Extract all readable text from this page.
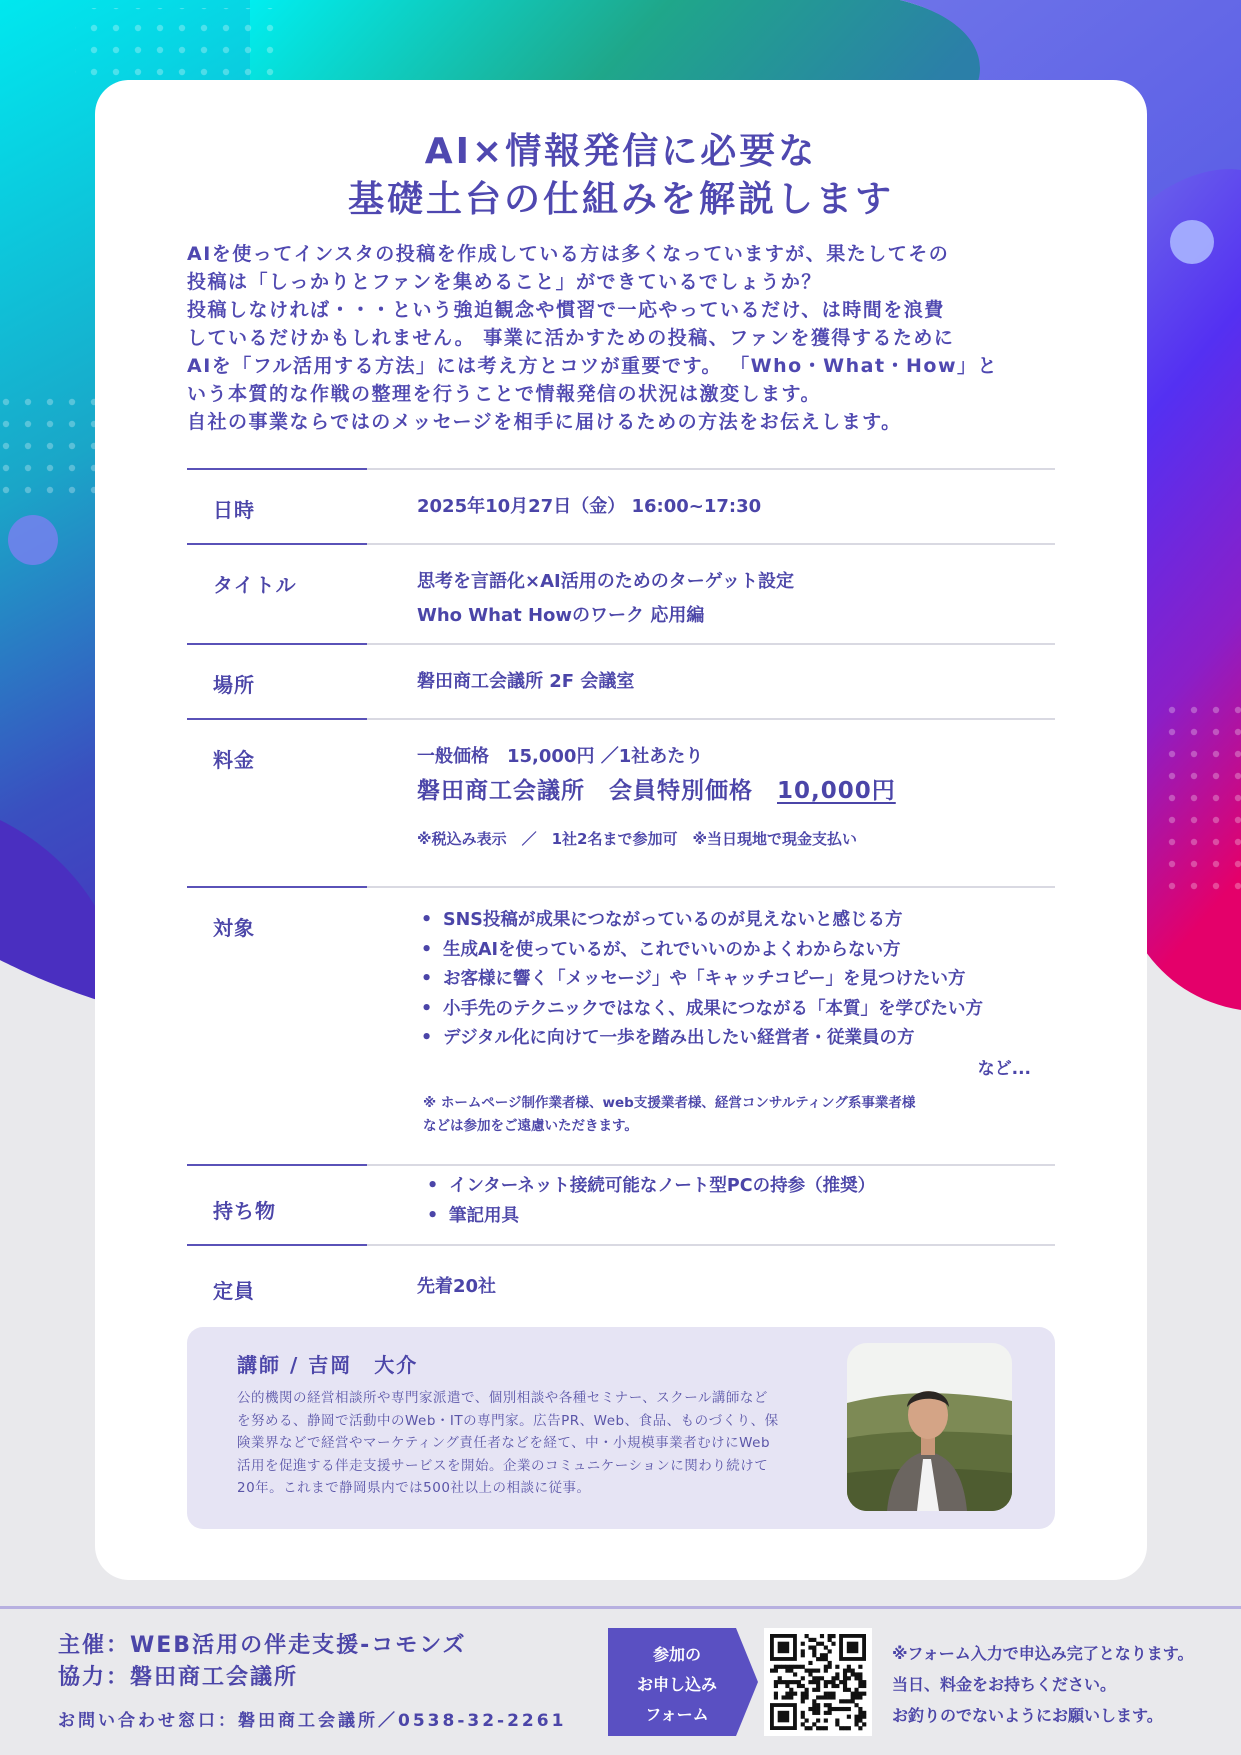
AI×情報発信に必要な
基礎土台の仕組みを解説します

AIを使ってインスタの投稿を作成している方は多くなっていますが、果たしてその
投稿は「しっかりとファンを集めること」ができているでしょうか？
投稿しなければ・・・という強迫観念や慣習で一応やっているだけ、は時間を浪費
しているだけかもしれません。 事業に活かすための投稿、ファンを獲得するために
AIを「フル活用する方法」には考え方とコツが重要です。 「Who・What・How」と
いう本質的な作戦の整理を行うことで情報発信の状況は激変します。
自社の事業ならではのメッセージを相手に届けるための方法をお伝えします。

日時	2025年10月27日（金） 16:00~17:30
タイトル	思考を言語化×AI活用のためのターゲット設定
Who What Howのワーク 応用編
場所	磐田商工会議所 2F 会議室
料金	一般価格　15,000円 ／1社あたり
磐田商工会議所　会員特別価格　10,000円
※税込み表示　／　1社2名まで参加可　※当日現地で現金支払い
対象
•	SNS投稿が成果につながっているのが見えないと感じる方
• 生成AIを使っているが、これでいいのかよくわからない方
• お客様に響く「メッセージ」や「キャッチコピー」を見つけたい方
• 小手先のテクニックではなく、成果につながる「本質」を学びたい方
• デジタル化に向けて一歩を踏み出したい経営者・従業員の方
など...
※ ホームページ制作業者様、web支援業者様、経営コンサルティング系事業者様
などは参加をご遠慮いただきます。
持ち物
• インターネット接続可能なノート型PCの持参（推奨）
• 筆記用具
定員	先着20社
講師 / 吉岡　大介

公的機関の経営相談所や専門家派遣で、個別相談や各種セミナー、スクール講師など
を努める、静岡で活動中のWeb・ITの専門家。広告PR、Web、食品、ものづくり、保
険業界などで経営やマーケティング責任者などを経て、中・小規模事業者むけにWeb
活用を促進する伴走支援サービスを開始。企業のコミュニケーションに関わり続けて
20年。これまで静岡県内では500社以上の相談に従事。

主催：WEB活用の伴走支援-コモンズ
協力：磐田商工会議所
お問い合わせ窓口：磐田商工会議所／0538-32-2261
参加の
お申し込み
フォーム

※フォーム入力で申込み完了となります。
当日、料金をお持ちください。
お釣りのでないようにお願いします。
